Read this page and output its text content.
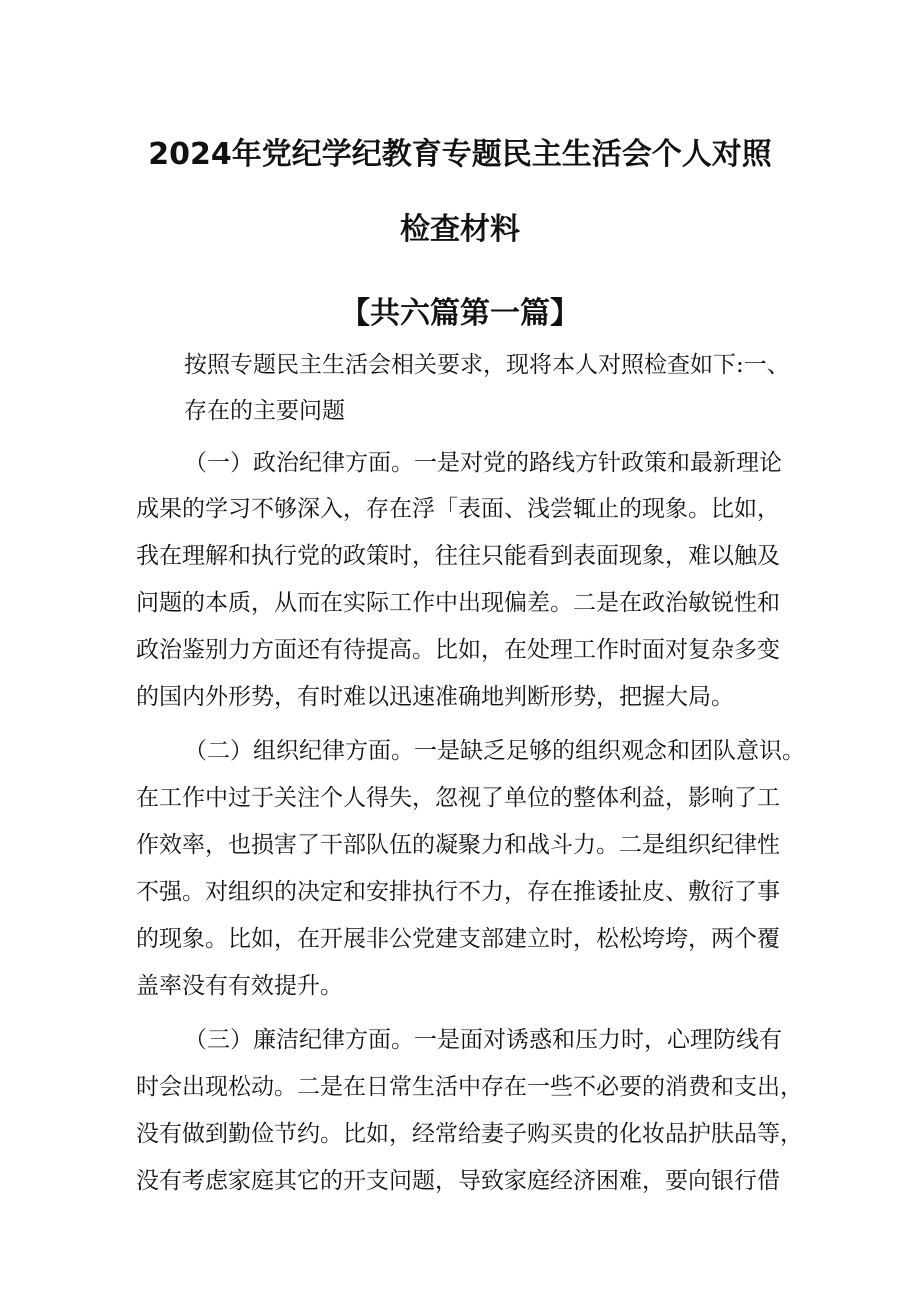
2024年党纪学纪教育专题民主生活会个人对照
检查材料
【共六篇第一篇】
按照专题民主生活会相关要求，现将本人对照检查如下:一、
存在的主要问题
（一）政治纪律方面。一是对党的路线方针政策和最新理论
成果的学习不够深入，存在浮「表面、浅尝辄止的现象。比如，
我在理解和执行党的政策时，往往只能看到表面现象，难以触及
问题的本质，从而在实际工作中出现偏差。二是在政治敏锐性和
政治鉴别力方面还有待提高。比如，在处理工作时面对复杂多变
的国内外形势，有时难以迅速准确地判断形势，把握大局。
（二）组织纪律方面。一是缺乏足够的组织观念和团队意识。
在工作中过于关注个人得失，忽视了单位的整体利益，影响了工
作效率，也损害了干部队伍的凝聚力和战斗力。二是组织纪律性
不强。对组织的决定和安排执行不力，存在推诿扯皮、敷衍了事
的现象。比如，在开展非公党建支部建立时，松松垮垮，两个覆
盖率没有有效提升。
（三）廉洁纪律方面。一是面对诱惑和压力时，心理防线有
时会出现松动。二是在日常生活中存在一些不必要的消费和支出，
没有做到勤俭节约。比如，经常给妻子购买贵的化妆品护肤品等，
没有考虑家庭其它的开支问题，导致家庭经济困难，要向银行借
